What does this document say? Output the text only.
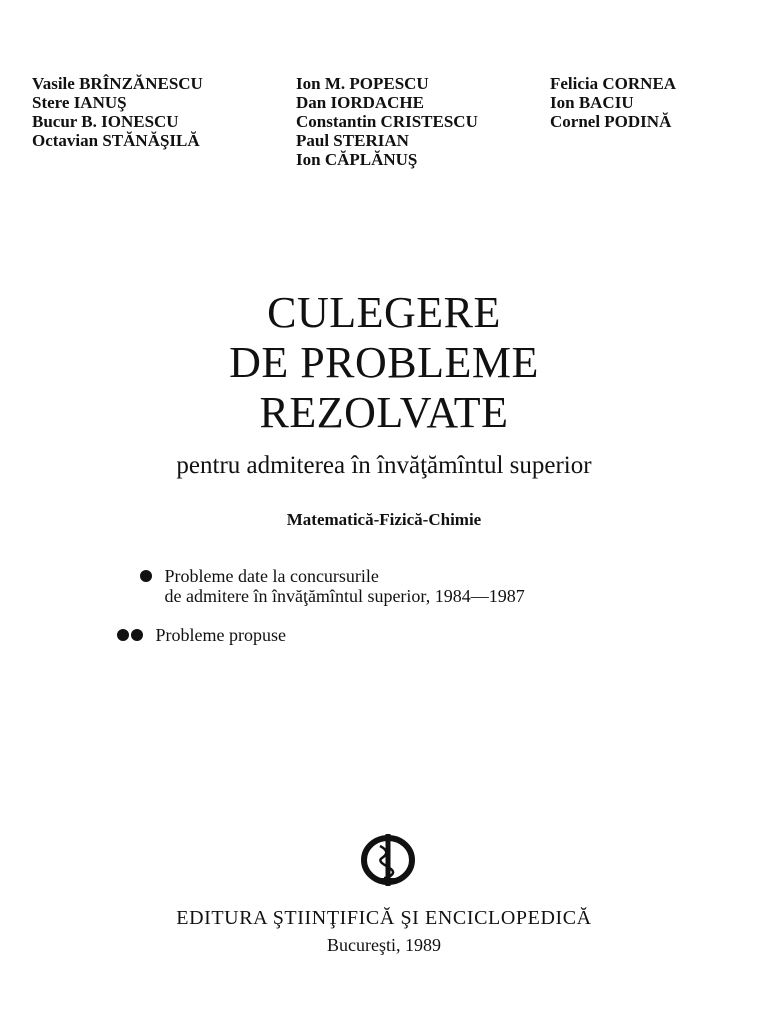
Vasile BRÎNZĂNESCU
Stere IANUŞ
Bucur B. IONESCU
Octavian STĂNĂŞILĂ
Ion M. POPESCU
Dan IORDACHE
Constantin CRISTESCU
Paul STERIAN
Ion CĂPLĂNUŞ
Felicia CORNEA
Ion BACIU
Cornel PODINĂ
CULEGERE
DE PROBLEME
REZOLVATE
pentru admiterea în învăţămîntul superior
Matematică-Fizică-Chimie

Probleme date la concursurile
de admitere în învăţămîntul superior, 1984—1987

Probleme propuse
EDITURA ŞTIINŢIFICĂ ŞI ENCICLOPEDICĂ
Bucureşti, 1989
